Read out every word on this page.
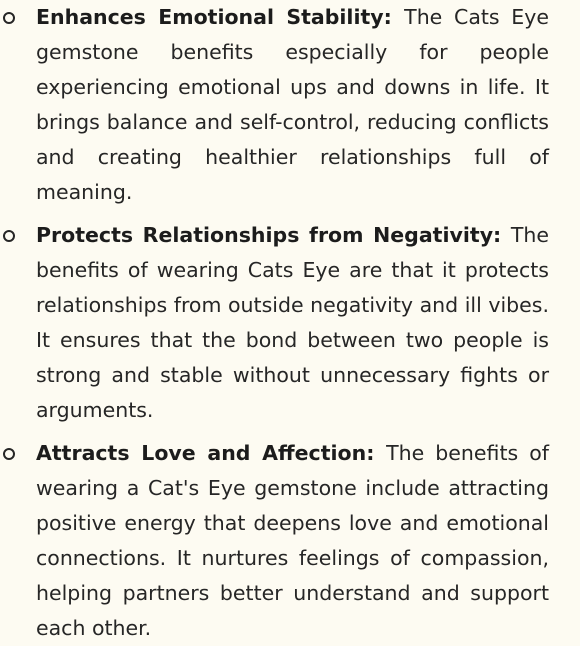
Enhances Emotional Stability: The Cats Eye gemstone benefits especially for people experiencing emotional ups and downs in life. It brings balance and self-control, reducing conflicts and creating healthier relationships full of meaning.
Protects Relationships from Negativity: The benefits of wearing Cats Eye are that it protects relationships from outside negativity and ill vibes. It ensures that the bond between two people is strong and stable without unnecessary fights or arguments.
Attracts Love and Affection: The benefits of wearing a Cat's Eye gemstone include attracting positive energy that deepens love and emotional connections. It nurtures feelings of compassion, helping partners better understand and support each other.
